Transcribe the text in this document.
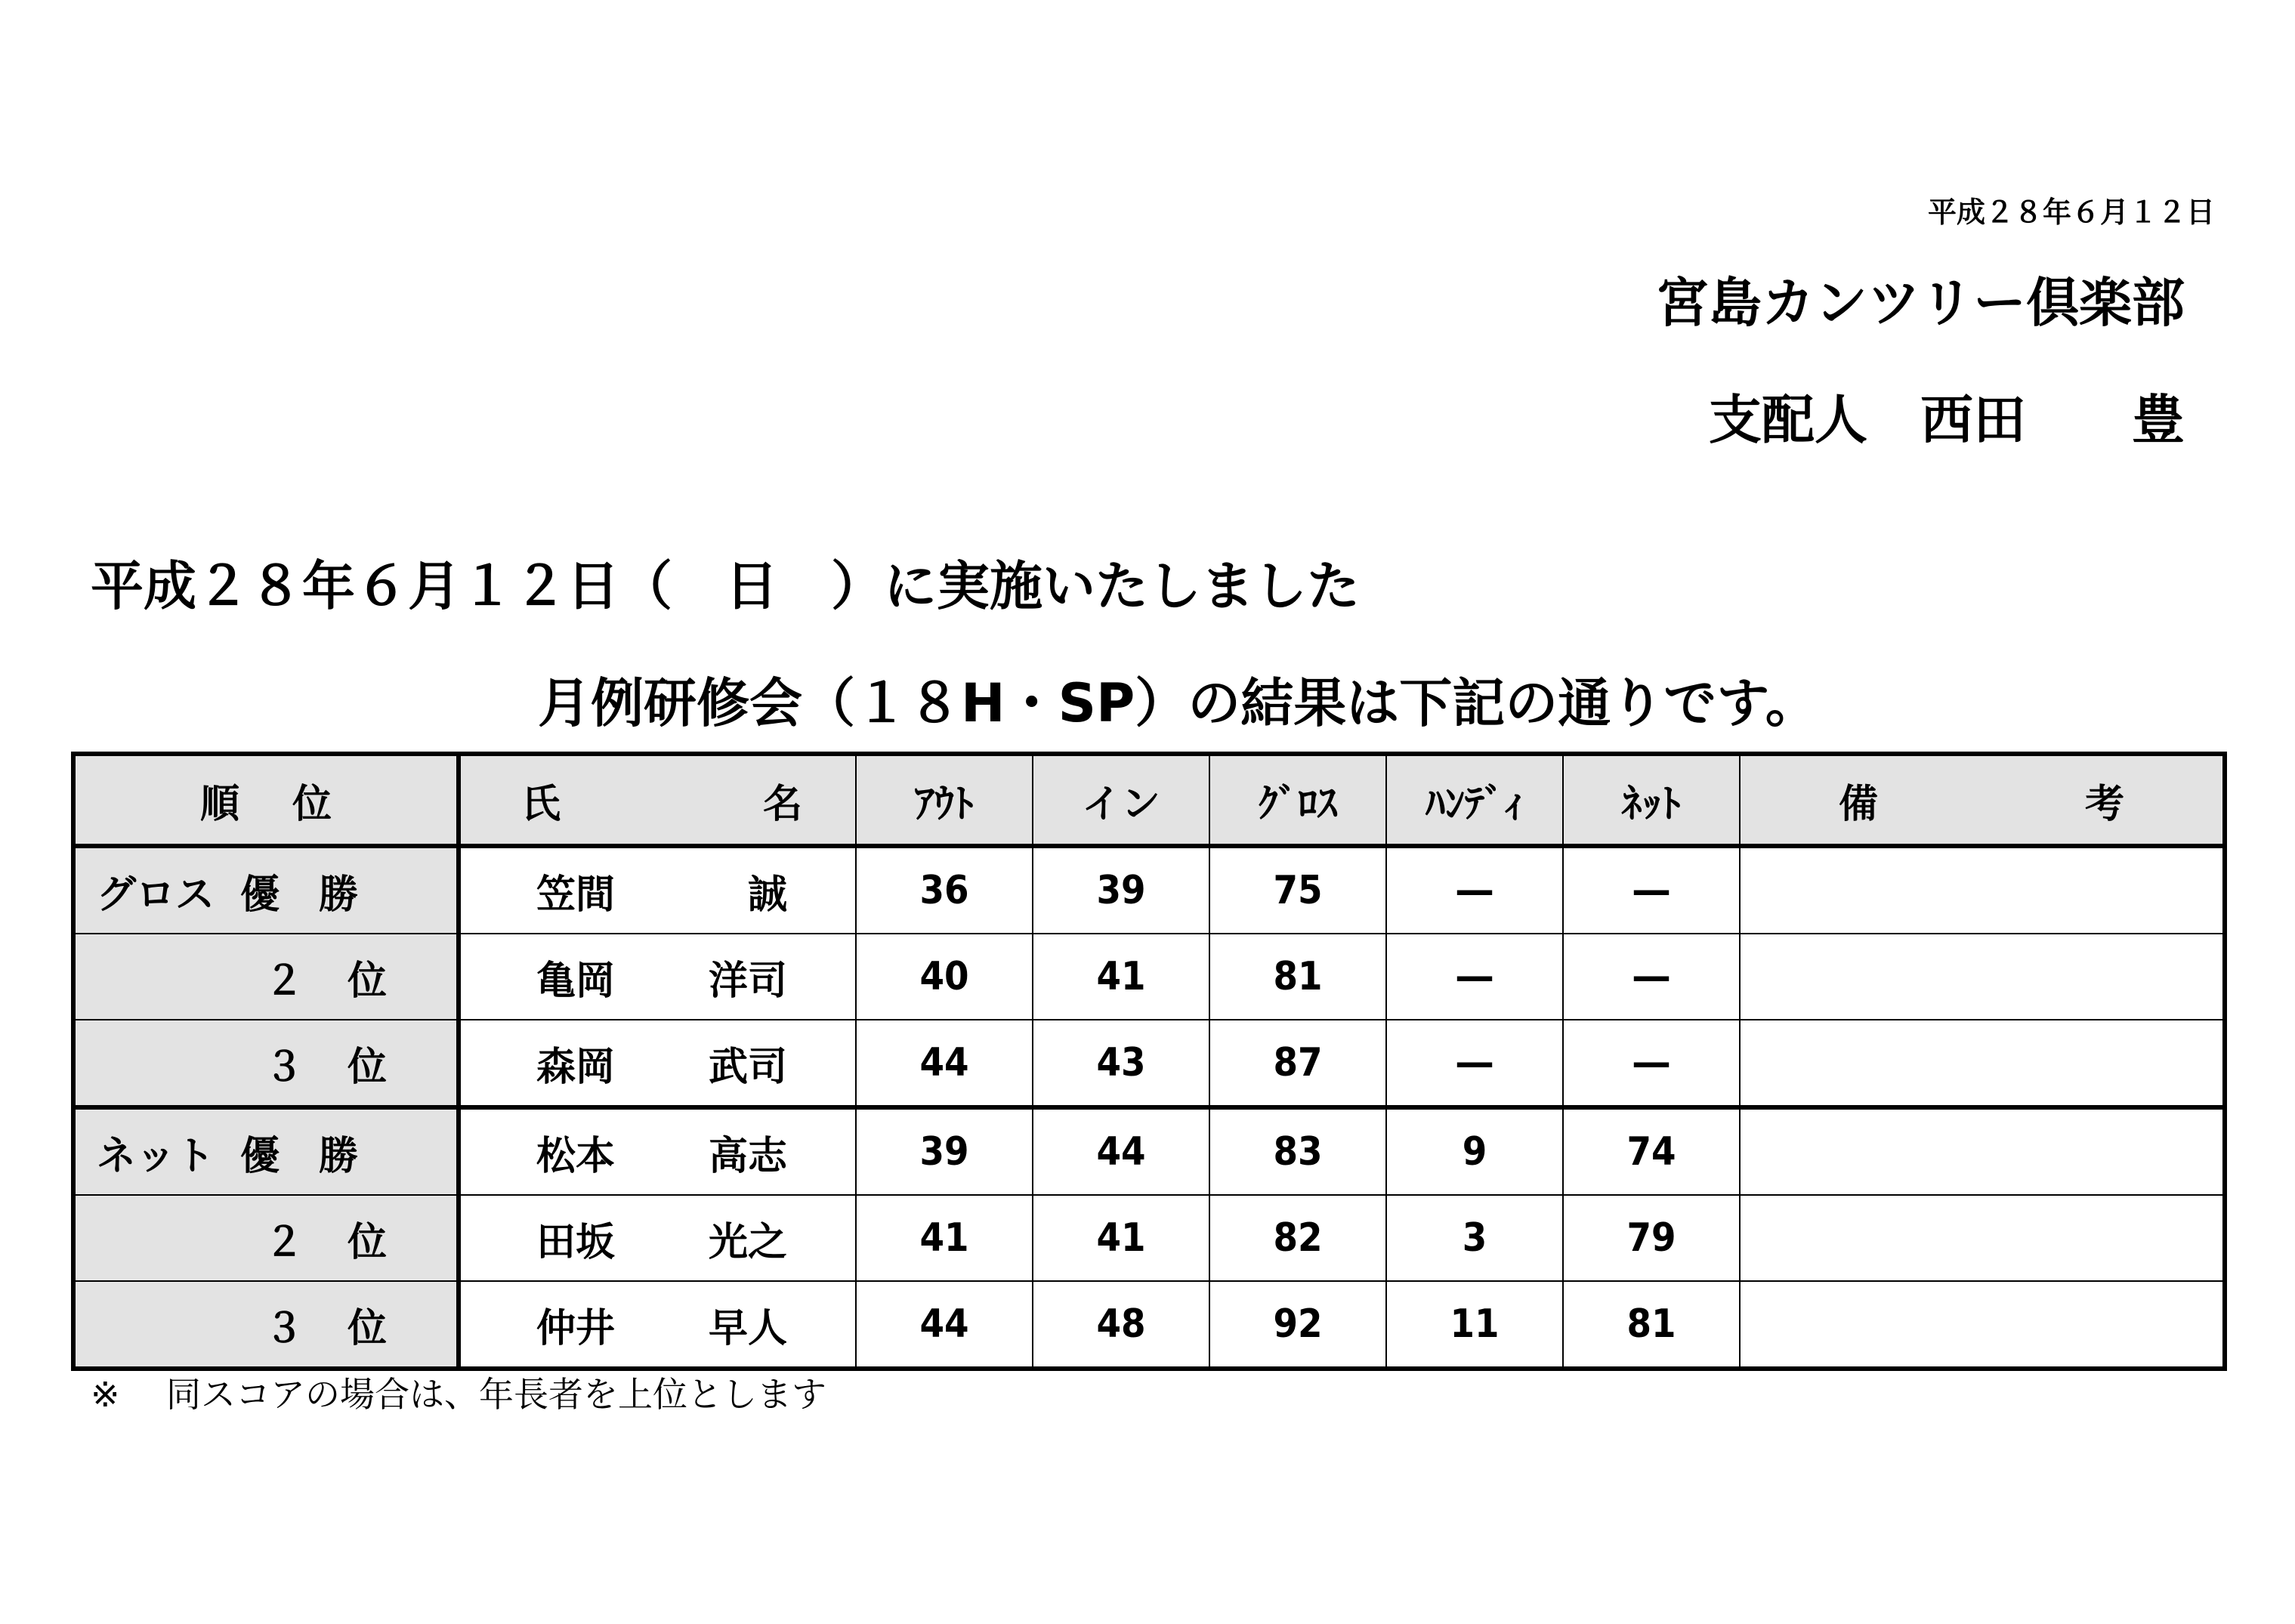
平成２８年６月１２日
宮島カンツリー倶楽部
支配人 西田 豊
平成２８年６月１２日（　日　）に実施いたしました
月例研修会（１８H・SP）の結果は下記の通りです。
順 位	氏 名	ｱｳﾄ	イン	ｸﾞﾛｽ	ﾊﾝﾃﾞｨ	ﾈｯﾄ	備 考

グロス 優　勝	笠間 誠	36	39	75	—	—	

２ 位	亀岡 洋司	40	41	81	—	—	

３ 位	森岡 武司	44	43	87	—	—	

ネット 優　勝	松本 高志	39	44	83	9	74	

２ 位	田坂 光之	41	41	82	3	79	

３ 位	仲井 早人	44	48	92	11	81	
※ 同スコアの場合は、年長者を上位とします
